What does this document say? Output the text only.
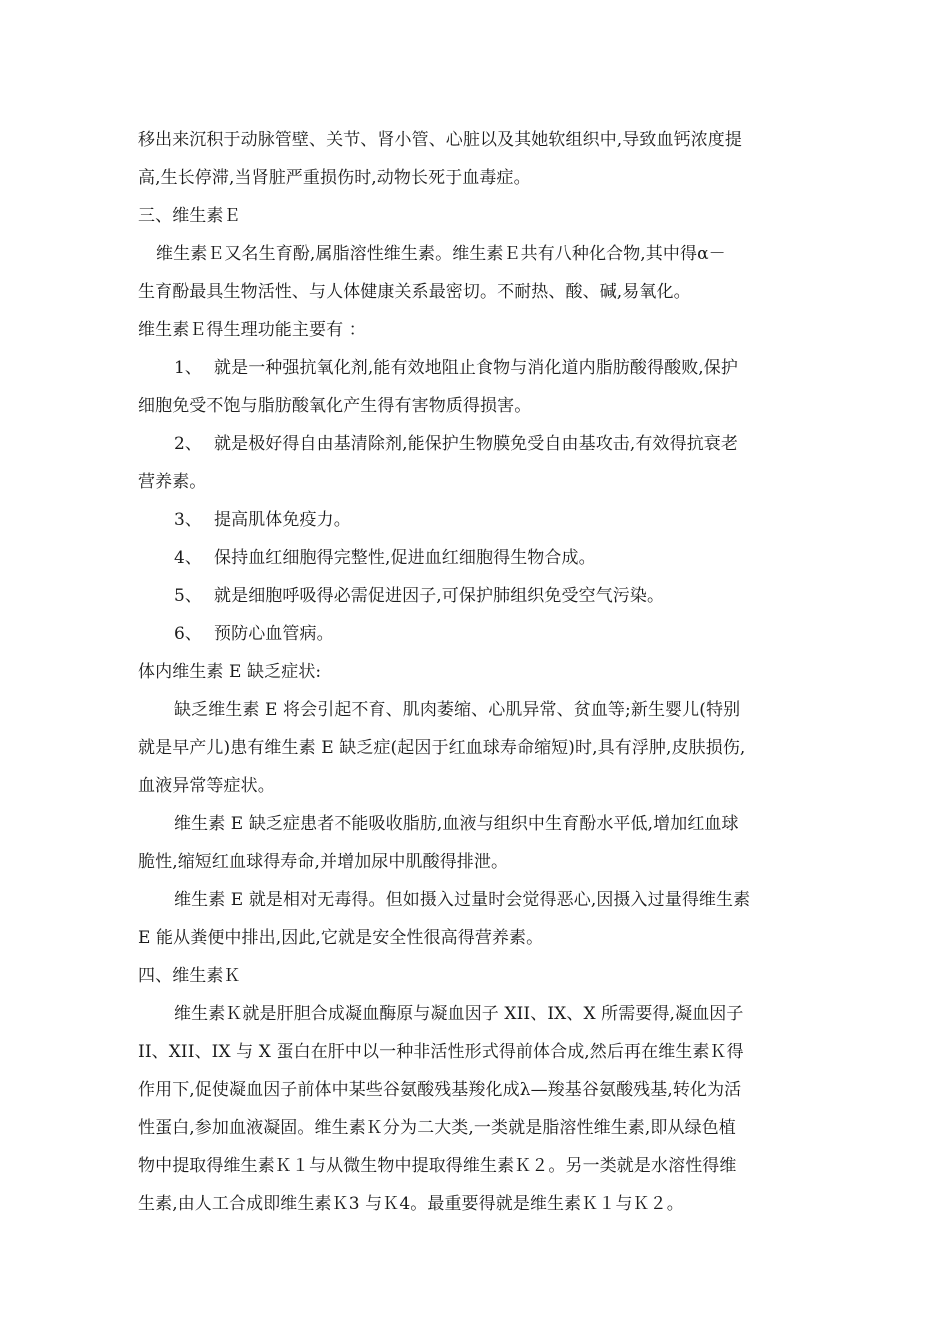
移出来沉积于动脉管壁、关节、肾小管、心脏以及其她软组织中,导致血钙浓度提
高,生长停滞,当肾脏严重损伤时,动物长死于血毒症。

三、维生素Ｅ

维生素Ｅ又名生育酚,属脂溶性维生素。维生素Ｅ共有八种化合物,其中得α－
生育酚最具生物活性、与人体健康关系最密切。不耐热、酸、碱,易氧化。

维生素Ｅ得生理功能主要有 ：

1、 就是一种强抗氧化剂,能有效地阻止食物与消化道内脂肪酸得酸败,保护
细胞免受不饱与脂肪酸氧化产生得有害物质得损害。

2、 就是极好得自由基清除剂,能保护生物膜免受自由基攻击,有效得抗衰老
营养素。

3、 提高肌体免疫力。

4、 保持血红细胞得完整性,促进血红细胞得生物合成。

5、 就是细胞呼吸得必需促进因子,可保护肺组织免受空气污染。

6、 预防心血管病。

体内维生素 E 缺乏症状:

缺乏维生素 E 将会引起不育、肌肉萎缩、心肌异常、贫血等;新生婴儿(特别
就是早产儿)患有维生素 E 缺乏症(起因于红血球寿命缩短)时,具有浮肿,皮肤损伤,
血液异常等症状。

维生素 E 缺乏症患者不能吸收脂肪,血液与组织中生育酚水平低,增加红血球
脆性,缩短红血球得寿命,并增加尿中肌酸得排泄。

维生素 E 就是相对无毒得。但如摄入过量时会觉得恶心,因摄入过量得维生素
E 能从粪便中排出,因此,它就是安全性很高得营养素。

四、维生素Ｋ

维生素Ｋ就是肝胆合成凝血酶原与凝血因子 XII、IX、X 所需要得,凝血因子
II、XII、IX 与 X 蛋白在肝中以一种非活性形式得前体合成,然后再在维生素Ｋ得
作用下,促使凝血因子前体中某些谷氨酸残基羧化成λ—羧基谷氨酸残基,转化为活
性蛋白,参加血液凝固。维生素Ｋ分为二大类,一类就是脂溶性维生素,即从绿色植
物中提取得维生素Ｋ１与从微生物中提取得维生素Ｋ２。另一类就是水溶性得维
生素,由人工合成即维生素Ｋ3 与Ｋ4。最重要得就是维生素Ｋ１与Ｋ２。
